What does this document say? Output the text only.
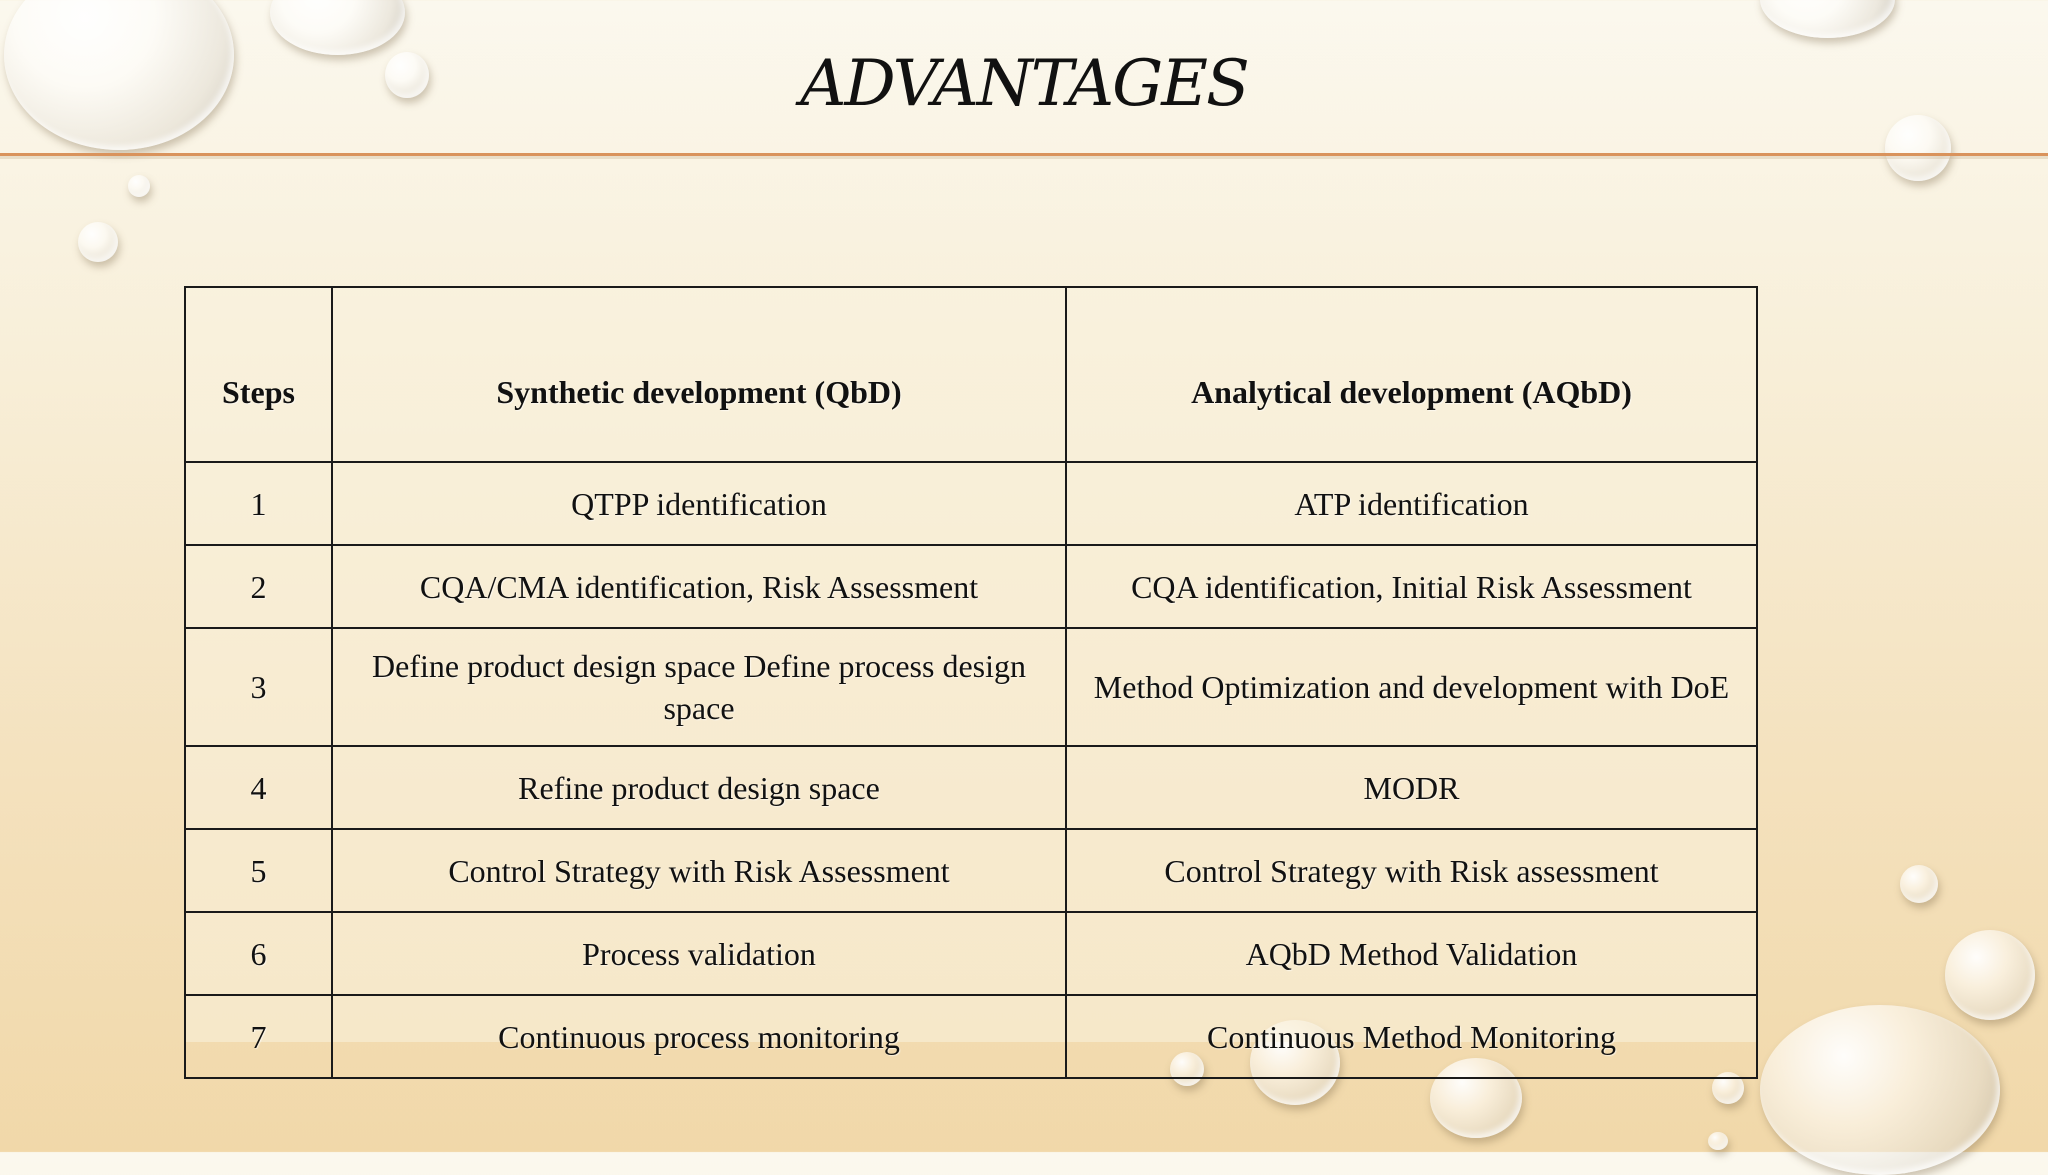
ADVANTAGES
Steps	Synthetic development (QbD)	Analytical development (AQbD)
1	QTPP identification	ATP identification
2	CQA/CMA identification, Risk Assessment	CQA identification, Initial Risk Assessment
3	Define product design space Define process design space	Method Optimization and development with DoE
4	Refine product design space	MODR
5	Control Strategy with Risk Assessment	Control Strategy with Risk assessment
6	Process validation	AQbD Method Validation
7	Continuous process monitoring	Continuous Method Monitoring
